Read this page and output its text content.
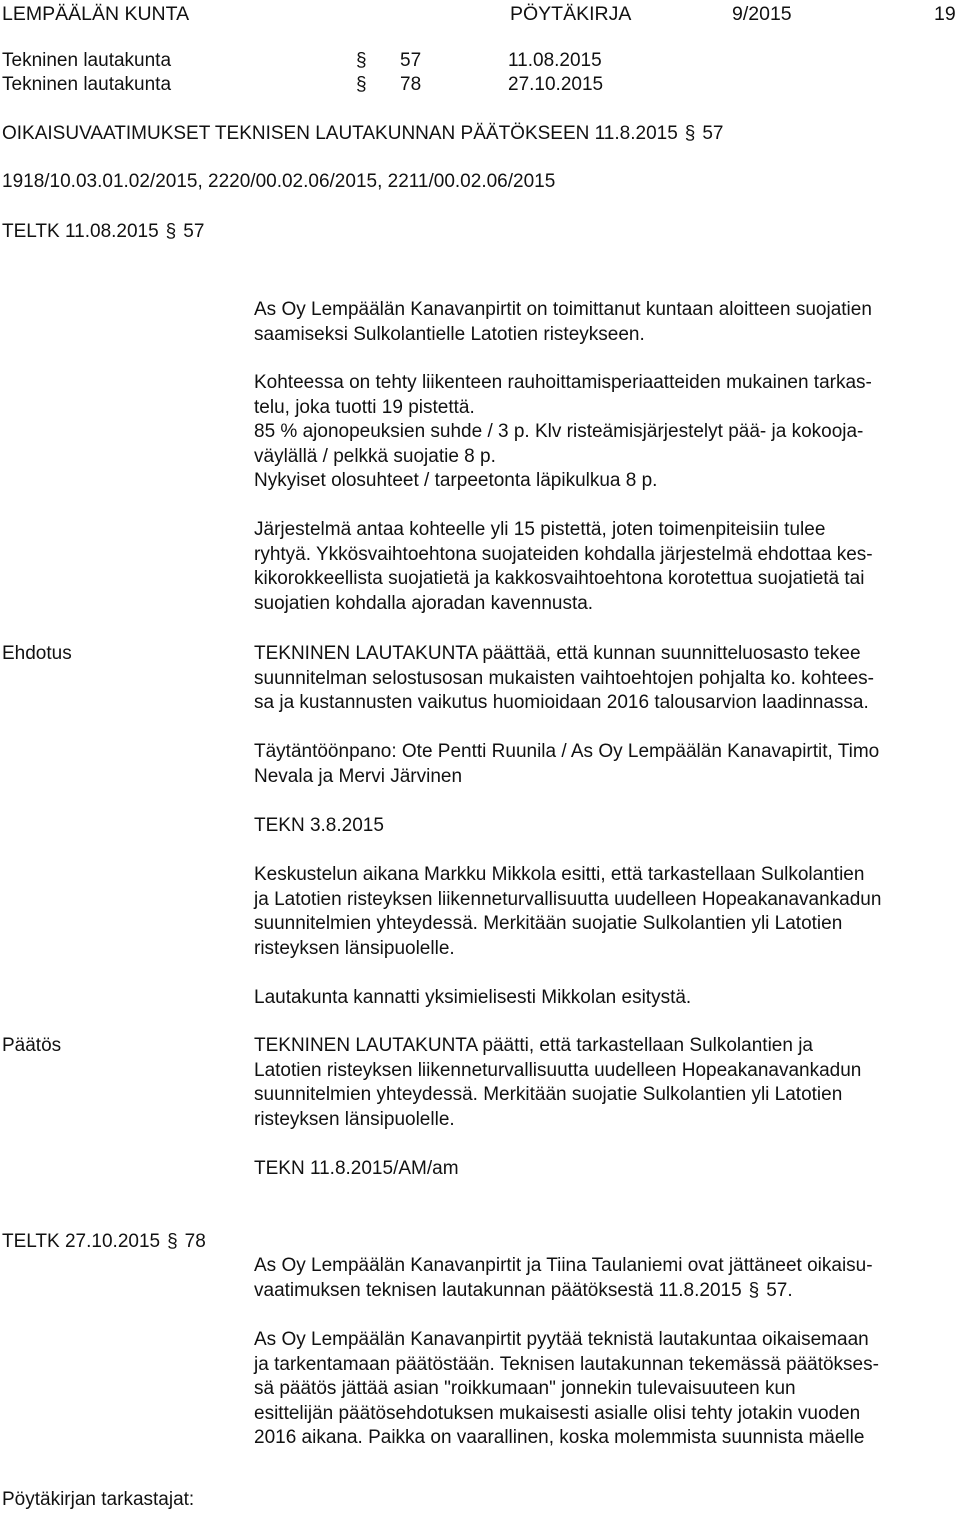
LEMPÄÄLÄN KUNTA	PÖYTÄKIRJA	9/2015	19
Tekninen lautakunta	§ 57	11.08.2015
Tekninen lautakunta	§ 78	27.10.2015
OIKAISUVAATIMUKSET TEKNISEN LAUTAKUNNAN PÄÄTÖKSEEN 11.8.2015 § 57
1918/10.03.01.02/2015, 2220/00.02.06/2015, 2211/00.02.06/2015
TELTK 11.08.2015 § 57
As Oy Lempäälän Kanavanpirtit on toimittanut kuntaan aloitteen suojatien
saamiseksi Sulkolantielle Latotien risteykseen.
Kohteessa on tehty liikenteen rauhoittamisperiaatteiden mukainen tarkas-
telu, joka tuotti 19 pistettä.
85 % ajonopeuksien suhde / 3 p. Klv risteämisjärjestelyt pää- ja kokooja-
väylällä / pelkkä suojatie 8 p.
Nykyiset olosuhteet / tarpeetonta läpikulkua 8 p.
Järjestelmä antaa kohteelle yli 15 pistettä, joten toimenpiteisiin tulee
ryhtyä. Ykkösvaihtoehtona suojateiden kohdalla järjestelmä ehdottaa kes-
kikorokkeellista suojatietä ja kakkosvaihtoehtona korotettua suojatietä tai
suojatien kohdalla ajoradan kavennusta.
Ehdotus	TEKNINEN LAUTAKUNTA päättää, että kunnan suunnitteluosasto tekee
suunnitelman selostusosan mukaisten vaihtoehtojen pohjalta ko. kohtees-
sa ja kustannusten vaikutus huomioidaan 2016 talousarvion laadinnassa.
Täytäntöönpano: Ote Pentti Ruunila / As Oy Lempäälän Kanavapirtit, Timo
Nevala ja Mervi Järvinen
TEKN 3.8.2015
Keskustelun aikana Markku Mikkola esitti, että tarkastellaan Sulkolantien
ja Latotien risteyksen liikenneturvallisuutta uudelleen Hopeakanavankadun
suunnitelmien yhteydessä. Merkitään suojatie Sulkolantien yli Latotien
risteyksen länsipuolelle.
Lautakunta kannatti yksimielisesti Mikkolan esitystä.
Päätös	TEKNINEN LAUTAKUNTA päätti, että tarkastellaan Sulkolantien ja
Latotien risteyksen liikenneturvallisuutta uudelleen Hopeakanavankadun
suunnitelmien yhteydessä. Merkitään suojatie Sulkolantien yli Latotien
risteyksen länsipuolelle.
TEKN 11.8.2015/AM/am
TELTK 27.10.2015 § 78
As Oy Lempäälän Kanavanpirtit ja Tiina Taulaniemi ovat jättäneet oikaisu-
vaatimuksen teknisen lautakunnan päätöksestä 11.8.2015 § 57.
As Oy Lempäälän Kanavanpirtit pyytää teknistä lautakuntaa oikaisemaan
ja tarkentamaan päätöstään. Teknisen lautakunnan tekemässä päätökses-
sä päätös jättää asian "roikkumaan" jonnekin tulevaisuuteen kun
esittelijän päätösehdotuksen mukaisesti asialle olisi tehty jotakin vuoden
2016 aikana. Paikka on vaarallinen, koska molemmista suunnista mäelle
Pöytäkirjan tarkastajat:
